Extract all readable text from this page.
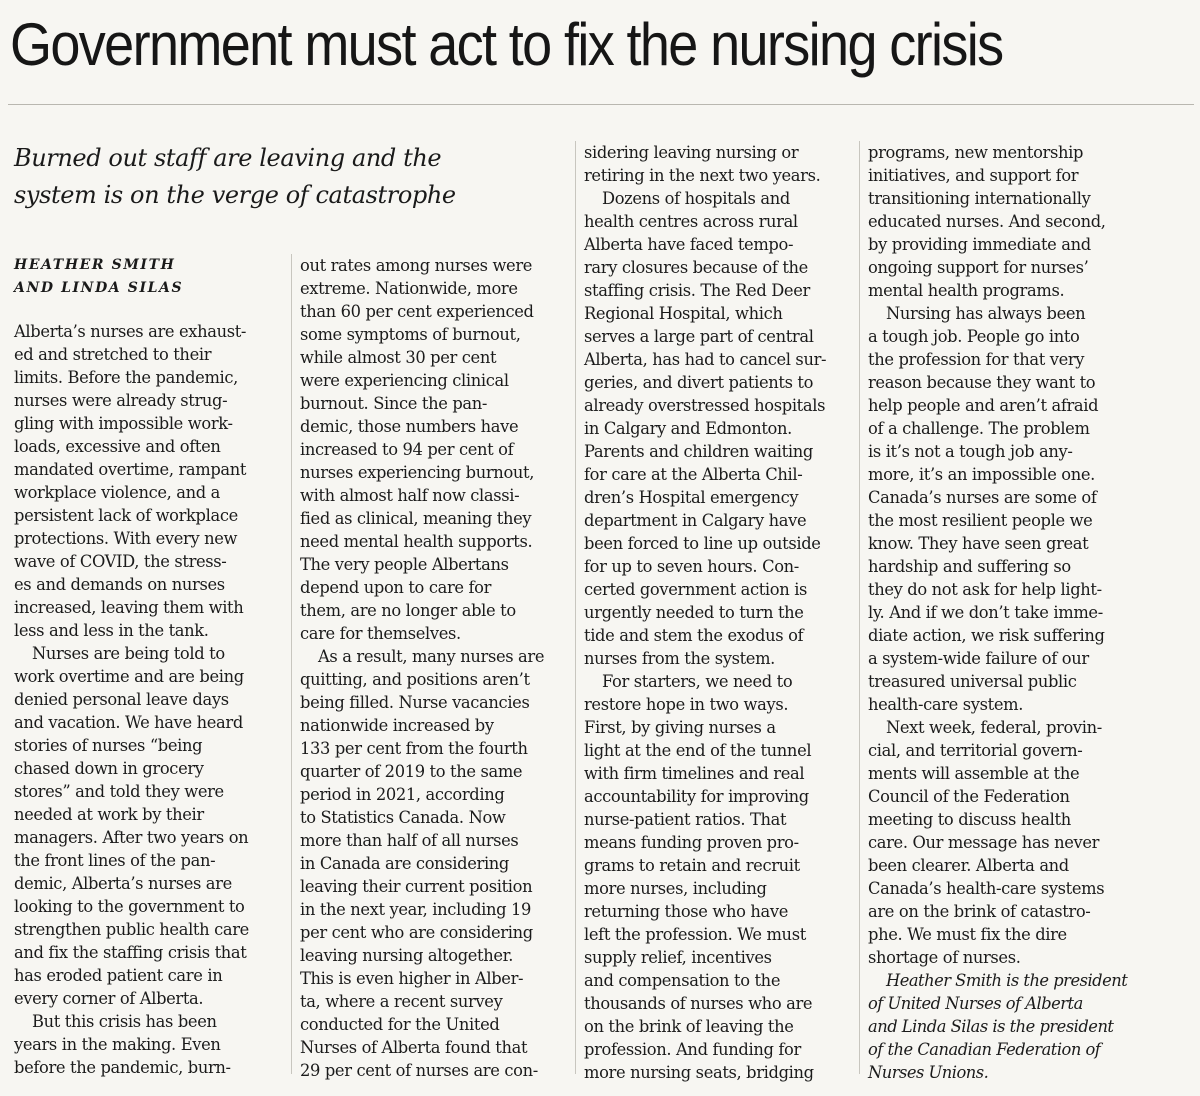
Government must act to fix the nursing crisis
Burned out staff are leaving and the
system is on the verge of catastrophe
HEATHER SMITH
AND LINDA SILAS
Alberta’s nurses are exhaust-
ed and stretched to their
limits. Before the pandemic,
nurses were already strug-
gling with impossible work-
loads, excessive and often
mandated overtime, rampant
workplace violence, and a
persistent lack of workplace
protections. With every new
wave of COVID, the stress-
es and demands on nurses
increased, leaving them with
less and less in the tank.
Nurses are being told to
work overtime and are being
denied personal leave days
and vacation. We have heard
stories of nurses “being
chased down in grocery
stores” and told they were
needed at work by their
managers. After two years on
the front lines of the pan-
demic, Alberta’s nurses are
looking to the government to
strengthen public health care
and fix the staffing crisis that
has eroded patient care in
every corner of Alberta.
But this crisis has been
years in the making. Even
before the pandemic, burn-
out rates among nurses were
extreme. Nationwide, more
than 60 per cent experienced
some symptoms of burnout,
while almost 30 per cent
were experiencing clinical
burnout. Since the pan-
demic, those numbers have
increased to 94 per cent of
nurses experiencing burnout,
with almost half now classi-
fied as clinical, meaning they
need mental health supports.
The very people Albertans
depend upon to care for
them, are no longer able to
care for themselves.
As a result, many nurses are
quitting, and positions aren’t
being filled. Nurse vacancies
nationwide increased by
133 per cent from the fourth
quarter of 2019 to the same
period in 2021, according
to Statistics Canada. Now
more than half of all nurses
in Canada are considering
leaving their current position
in the next year, including 19
per cent who are considering
leaving nursing altogether.
This is even higher in Alber-
ta, where a recent survey
conducted for the United
Nurses of Alberta found that
29 per cent of nurses are con-
sidering leaving nursing or
retiring in the next two years.
Dozens of hospitals and
health centres across rural
Alberta have faced tempo-
rary closures because of the
staffing crisis. The Red Deer
Regional Hospital, which
serves a large part of central
Alberta, has had to cancel sur-
geries, and divert patients to
already overstressed hospitals
in Calgary and Edmonton.
Parents and children waiting
for care at the Alberta Chil-
dren’s Hospital emergency
department in Calgary have
been forced to line up outside
for up to seven hours. Con-
certed government action is
urgently needed to turn the
tide and stem the exodus of
nurses from the system.
For starters, we need to
restore hope in two ways.
First, by giving nurses a
light at the end of the tunnel
with firm timelines and real
accountability for improving
nurse-patient ratios. That
means funding proven pro-
grams to retain and recruit
more nurses, including
returning those who have
left the profession. We must
supply relief, incentives
and compensation to the
thousands of nurses who are
on the brink of leaving the
profession. And funding for
more nursing seats, bridging
programs, new mentorship
initiatives, and support for
transitioning internationally
educated nurses. And second,
by providing immediate and
ongoing support for nurses’
mental health programs.
Nursing has always been
a tough job. People go into
the profession for that very
reason because they want to
help people and aren’t afraid
of a challenge. The problem
is it’s not a tough job any-
more, it’s an impossible one.
Canada’s nurses are some of
the most resilient people we
know. They have seen great
hardship and suffering so
they do not ask for help light-
ly. And if we don’t take imme-
diate action, we risk suffering
a system-wide failure of our
treasured universal public
health-care system.
Next week, federal, provin-
cial, and territorial govern-
ments will assemble at the
Council of the Federation
meeting to discuss health
care. Our message has never
been clearer. Alberta and
Canada’s health-care systems
are on the brink of catastro-
phe. We must fix the dire
shortage of nurses.
Heather Smith is the president
of United Nurses of Alberta
and Linda Silas is the president
of the Canadian Federation of
Nurses Unions.
